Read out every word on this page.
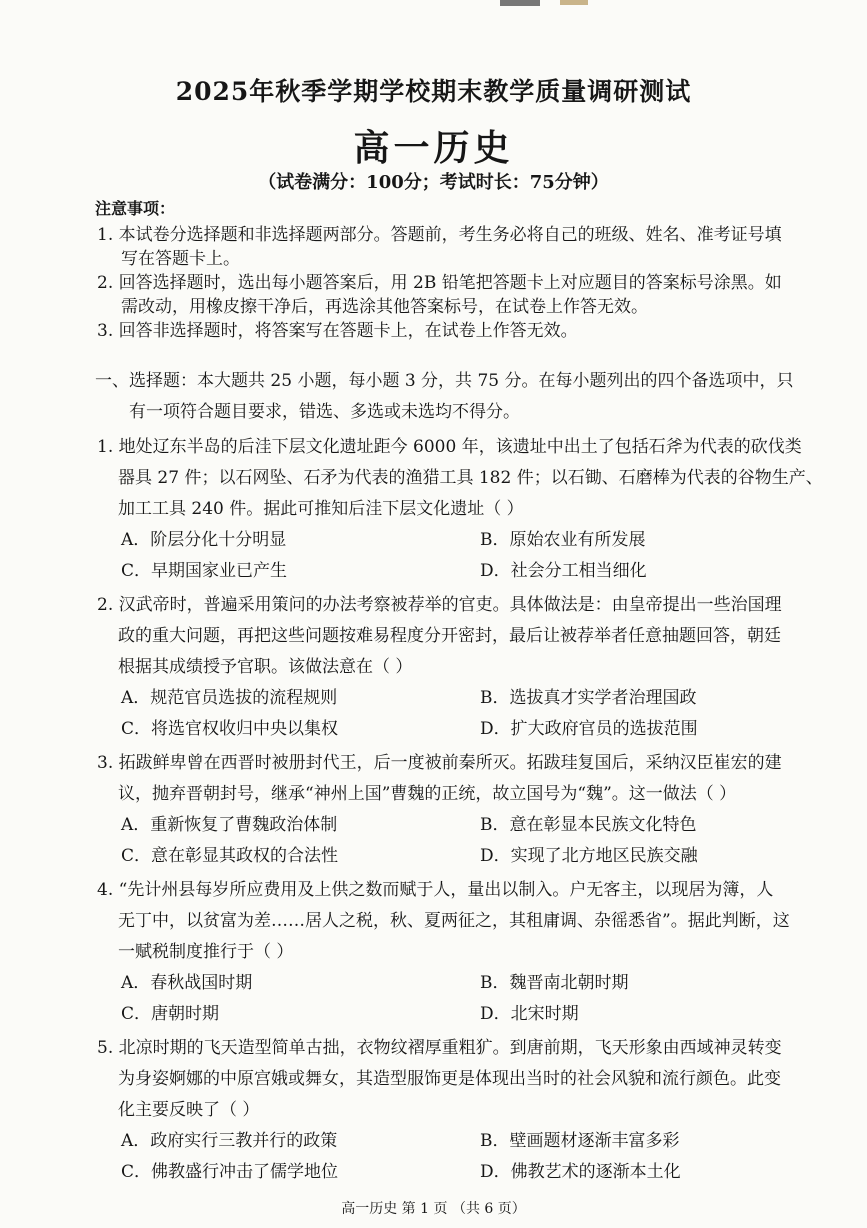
2025年秋季学期学校期末教学质量调研测试
高一历史
（试卷满分：100分；考试时长：75分钟）
注意事项：
1. 本试卷分选择题和非选择题两部分。答题前，考生务必将自己的班级、姓名、准考证号填
写在答题卡上。
2. 回答选择题时，选出每小题答案后，用 2B 铅笔把答题卡上对应题目的答案标号涂黑。如
需改动，用橡皮擦干净后，再选涂其他答案标号，在试卷上作答无效。
3. 回答非选择题时，将答案写在答题卡上，在试卷上作答无效。
一、选择题：本大题共 25 小题，每小题 3 分，共 75 分。在每小题列出的四个备选项中，只
有一项符合题目要求，错选、多选或未选均不得分。
1. 地处辽东半岛的后洼下层文化遗址距今 6000 年，该遗址中出土了包括石斧为代表的砍伐类
器具 27 件；以石网坠、石矛为代表的渔猎工具 182 件；以石锄、石磨棒为代表的谷物生产、
加工工具 240 件。据此可推知后洼下层文化遗址（ ）
A．阶层分化十分明显	B．原始农业有所发展
C．早期国家业已产生	D．社会分工相当细化
2. 汉武帝时，普遍采用策问的办法考察被荐举的官吏。具体做法是：由皇帝提出一些治国理
政的重大问题，再把这些问题按难易程度分开密封，最后让被荐举者任意抽题回答，朝廷
根据其成绩授予官职。该做法意在（ ）
A．规范官员选拔的流程规则	B．选拔真才实学者治理国政
C．将选官权收归中央以集权	D．扩大政府官员的选拔范围
3. 拓跋鲜卑曾在西晋时被册封代王，后一度被前秦所灭。拓跋珪复国后，采纳汉臣崔宏的建
议，抛弃晋朝封号，继承“神州上国”曹魏的正统，故立国号为“魏”。这一做法（ ）
A．重新恢复了曹魏政治体制	B．意在彰显本民族文化特色
C．意在彰显其政权的合法性	D．实现了北方地区民族交融
4. “先计州县每岁所应费用及上供之数而赋于人，量出以制入。户无客主，以现居为簿，人
无丁中，以贫富为差……居人之税，秋、夏两征之，其租庸调、杂徭悉省”。据此判断，这
一赋税制度推行于（ ）
A．春秋战国时期	B．魏晋南北朝时期
C．唐朝时期	D．北宋时期
5. 北凉时期的飞天造型简单古拙，衣物纹褶厚重粗犷。到唐前期，飞天形象由西域神灵转变
为身姿婀娜的中原宫娥或舞女，其造型服饰更是体现出当时的社会风貌和流行颜色。此变
化主要反映了（ ）
A．政府实行三教并行的政策	B．壁画题材逐渐丰富多彩
C．佛教盛行冲击了儒学地位	D．佛教艺术的逐渐本土化
高一历史 第 1 页 （共 6 页）
